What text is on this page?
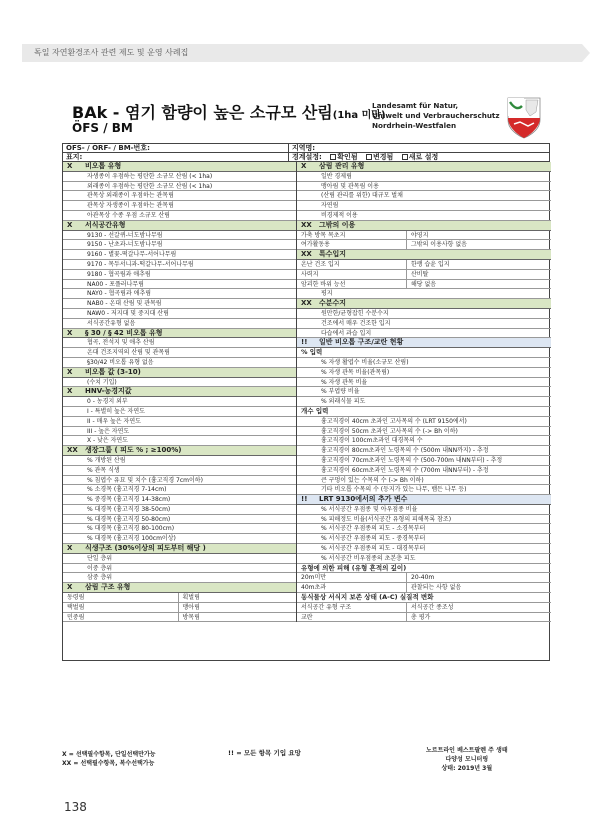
독일 자연환경조사 관련 제도 및 운영 사례집
BAk - 염기 함량이 높은 소규모 산림(1ha 미만)
ÖFS / BM
Landesamt für Natur,
Umwelt und Verbraucherschutz
Nordrhein-Westfalen
ÖFS- / ÖRF- / BM-번호:	지역명:
표지:	경계설정: 확인됨 변경됨 새로 설정
X	비오톱 유형
자생종이 우점하는 평탄한 소규모 산림 (< 1ha)
외래종이 우점하는 평탄한 소규모 산림 (< 1ha)
관목상 외래종이 우점하는 관목림
관목상 자생종이 우점하는 관목림
아관목상 수종 우점 소규모 산림
X	서식공간유형
9130 - 선갈퀴-너도밤나무림
9150 - 난초과-너도밤나무림
9160 - 별꽃-떡갈나무-서어나무림
9170 - 목두서니과-떡갈나무-서어나무림
9180 - 협곡림과 애추림
NA00 - 포플러나무림
NAY0 - 협곡림과 애추림
NAB0 - 온대 산림 및 관목림
NAW0 - 저지대 및 중지대 산림
서식공간유형 없음
X	§ 30 / § 42 비오톱 유형
협곡, 전석지 및 애추 산림
온대 건조지역의 산림 및 관목림
§30/42 비오톱 유형 없음
X	비오톱 값 (3-10)
(수치 기입)
X	HNV-농경지값
0 - 농경지 외부
I - 특별히 높은 자연도
II - 매우 높은 자연도
III - 높은 자연도
X - 낮은 자연도
XX	생장그룹 ( 피도 % ; ≥100%)
% 개방된 산림
% 관목 식생
% 침엽수 유묘 및 치수 (흉고직경 7cm이하)
% 소경목 (흉고직경 7-14cm)
% 중경목 (흉고직경 14-38cm)
% 대경목 (흉고직경 38-50cm)
% 대경목 (흉고직경 50-80cm)
% 대경목 (흉고직경 80-100cm)
% 대경목 (흉고직경 100cm이상)
X	식생구조 (30%이상의 피도부터 해당 )
단일 층위
이중 층위
삼중 층위
X	삼림 구조 유형
동령림	획벌림
택벌림	맹아림
민중림	방목림
X	삼림 관리 유형
일반 경제림
맹아림 및 관목림 이용
(산림 관리를 위한) 대규모 벌채
자연림
비경제적 이용
XX	그밖의 이용
가축 방목 목초지	야영지
여가활동용	그밖의 이용사항 없음
XX	특수입지
온난 건조 입지	한랭 습윤 입지
사력지	산비탈
암괴한 바위 능선	해당 없음
평지
XX	수분수지
원만한/균형잡힌 수분수지
건조에서 매우 건조한 입지
다습에서 과습 입지
!!	일반 비오톱 구조/교란 현황
% 입력
% 자생 활엽수 비율(소규모 산림)
% 자생 관목 비율(관목림)
% 자생 관목 비율
% 부엽량 비율
% 외래식물 피도
개수 입력
흉고직경이 40cm 초과인 고사목의 수 (LRT 9150에서)
흉고직경이 50cm 초과인 고사목의 수 (-> Bh 이하)
흉고직경이 100cm초과인 대경목의 수
흉고직경이 80cm초과인 노령목의 수 (500m 내NN까지) - 추정
흉고직경이 70cm초과인 노령목의 수 (500-700m 내NN부터) - 추정
흉고직경이 60cm초과인 노령목의 수 (700m 내NN부터) - 추정
큰 구멍이 있는 수목의 수 (-> Bh 이하)
기타 비오톱 수목의 수 (등지가 있는 나무, 뱀든 나무 등)
!!	LRT 9130에서의 추가 변수
% 서식공간 우점종 및 아우점종 비율
% 피해정도 비율(서식공간 유형의 피해목록 참조)
% 서식공간 우점종의 피도 - 소경목부터
% 서식공간 우점종의 피도 - 중경목부터
% 서식공간 우점종의 피도 - 대경목부터
% 서식공간 비우점종의 초본층 피도
유형에 의한 피해 (유형 흔적의 깊이)
20m미만	20-40m
40m초과	관찰되는 사항 없음
동식물상 서식지 보존 상태 (A-C) 실질적 변화
서식공간 유형 구조	서식공간 종조성
교란	총 평가
X = 선택필수항목, 단일선택만가능
XX = 선택필수항목, 복수선택가능
!! = 모든 항목 기입 요망	노르트라인 베스트팔렌 주 생태
다양성 모니터링
상태: 2019년 3월
138
